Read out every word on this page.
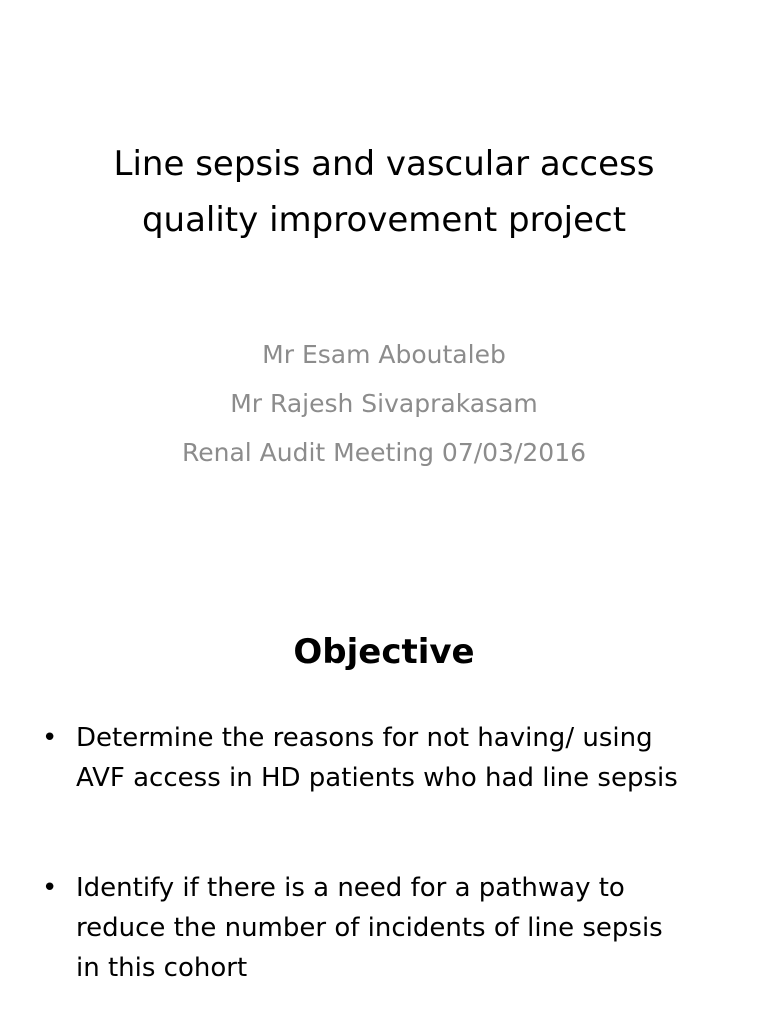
Line sepsis and vascular access
quality improvement project
Mr Esam Aboutaleb
Mr Rajesh Sivaprakasam
Renal Audit Meeting 07/03/2016
Objective
• Determine the reasons for not having/ using
AVF access in HD patients who had line sepsis
• Identify if there is a need for a pathway to
reduce the number of incidents of line sepsis
in this cohort
